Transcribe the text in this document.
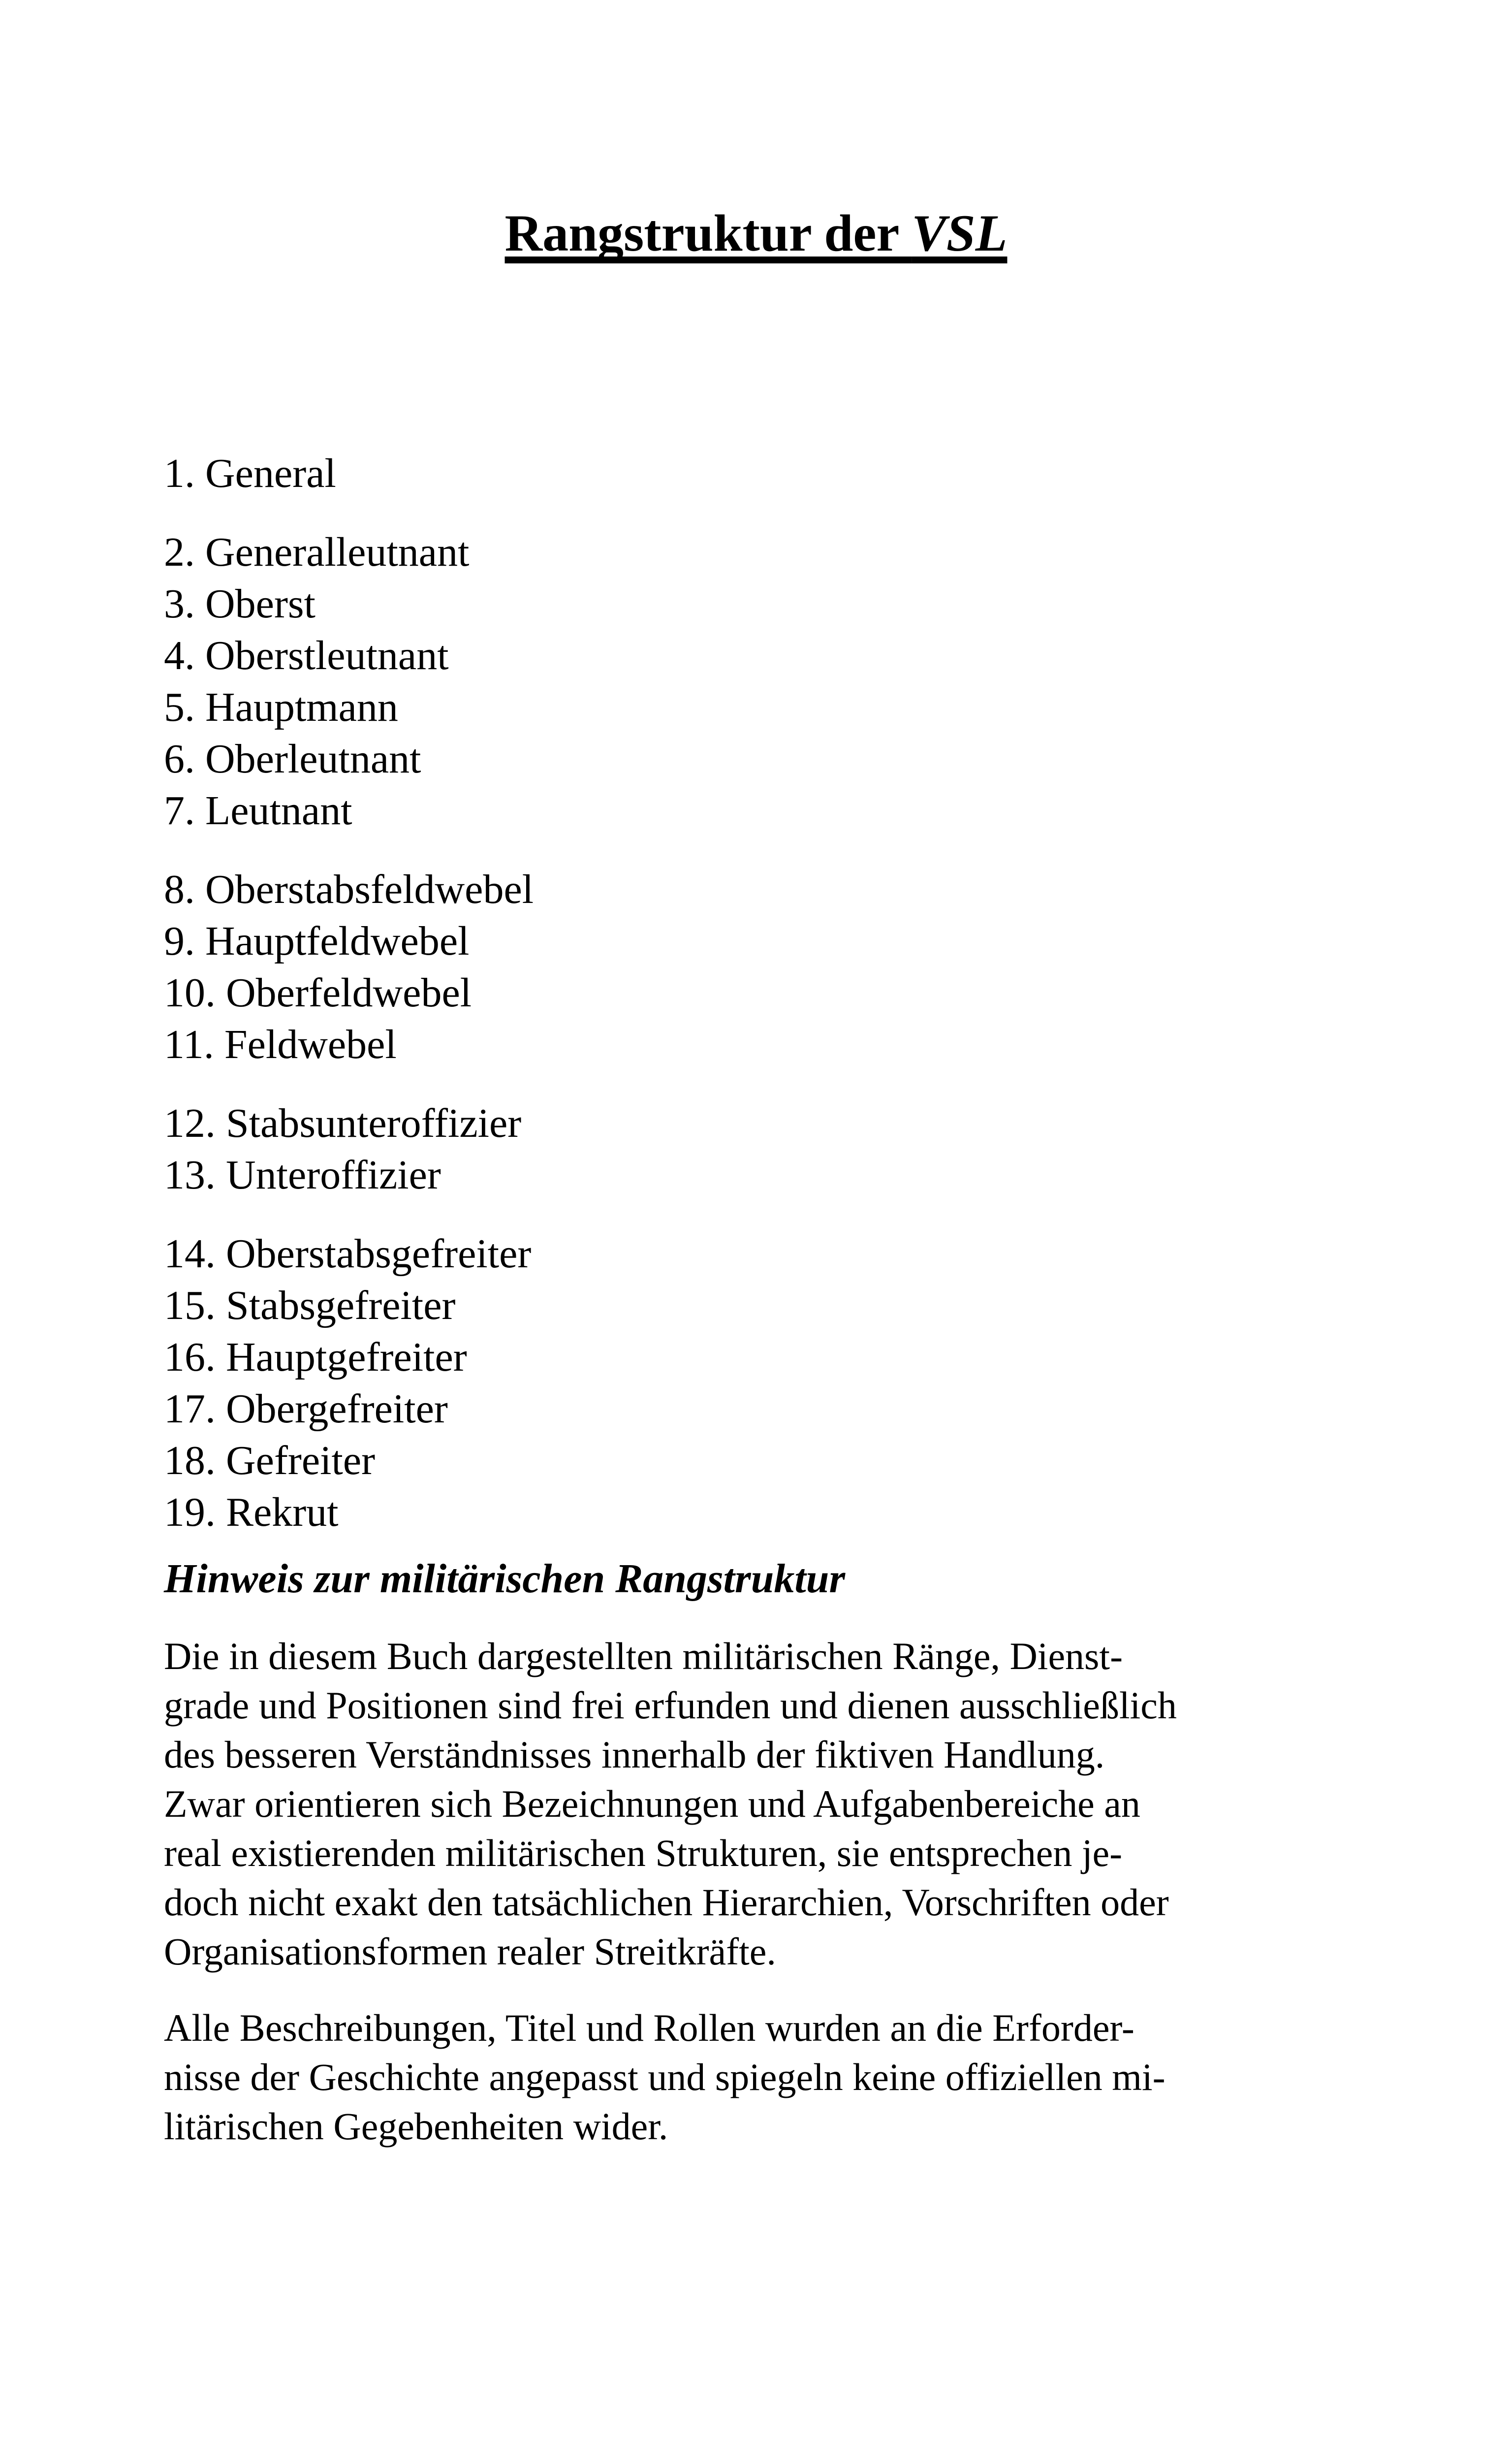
Rangstruktur der VSL
1. General
2. Generalleutnant
3. Oberst
4. Oberstleutnant
5. Hauptmann
6. Oberleutnant
7. Leutnant
8. Oberstabsfeldwebel
9. Hauptfeldwebel
10. Oberfeldwebel
11. Feldwebel
12. Stabsunteroffizier
13. Unteroffizier
14. Oberstabsgefreiter
15. Stabsgefreiter
16. Hauptgefreiter
17. Obergefreiter
18. Gefreiter
19. Rekrut
Hinweis zur militärischen Rangstruktur
Die in diesem Buch dargestellten militärischen Ränge, Dienst-
grade und Positionen sind frei erfunden und dienen ausschließlich
des besseren Verständnisses innerhalb der fiktiven Handlung.
Zwar orientieren sich Bezeichnungen und Aufgabenbereiche an
real existierenden militärischen Strukturen, sie entsprechen je-
doch nicht exakt den tatsächlichen Hierarchien, Vorschriften oder
Organisationsformen realer Streitkräfte.
Alle Beschreibungen, Titel und Rollen wurden an die Erforder-
nisse der Geschichte angepasst und spiegeln keine offiziellen mi-
litärischen Gegebenheiten wider.
